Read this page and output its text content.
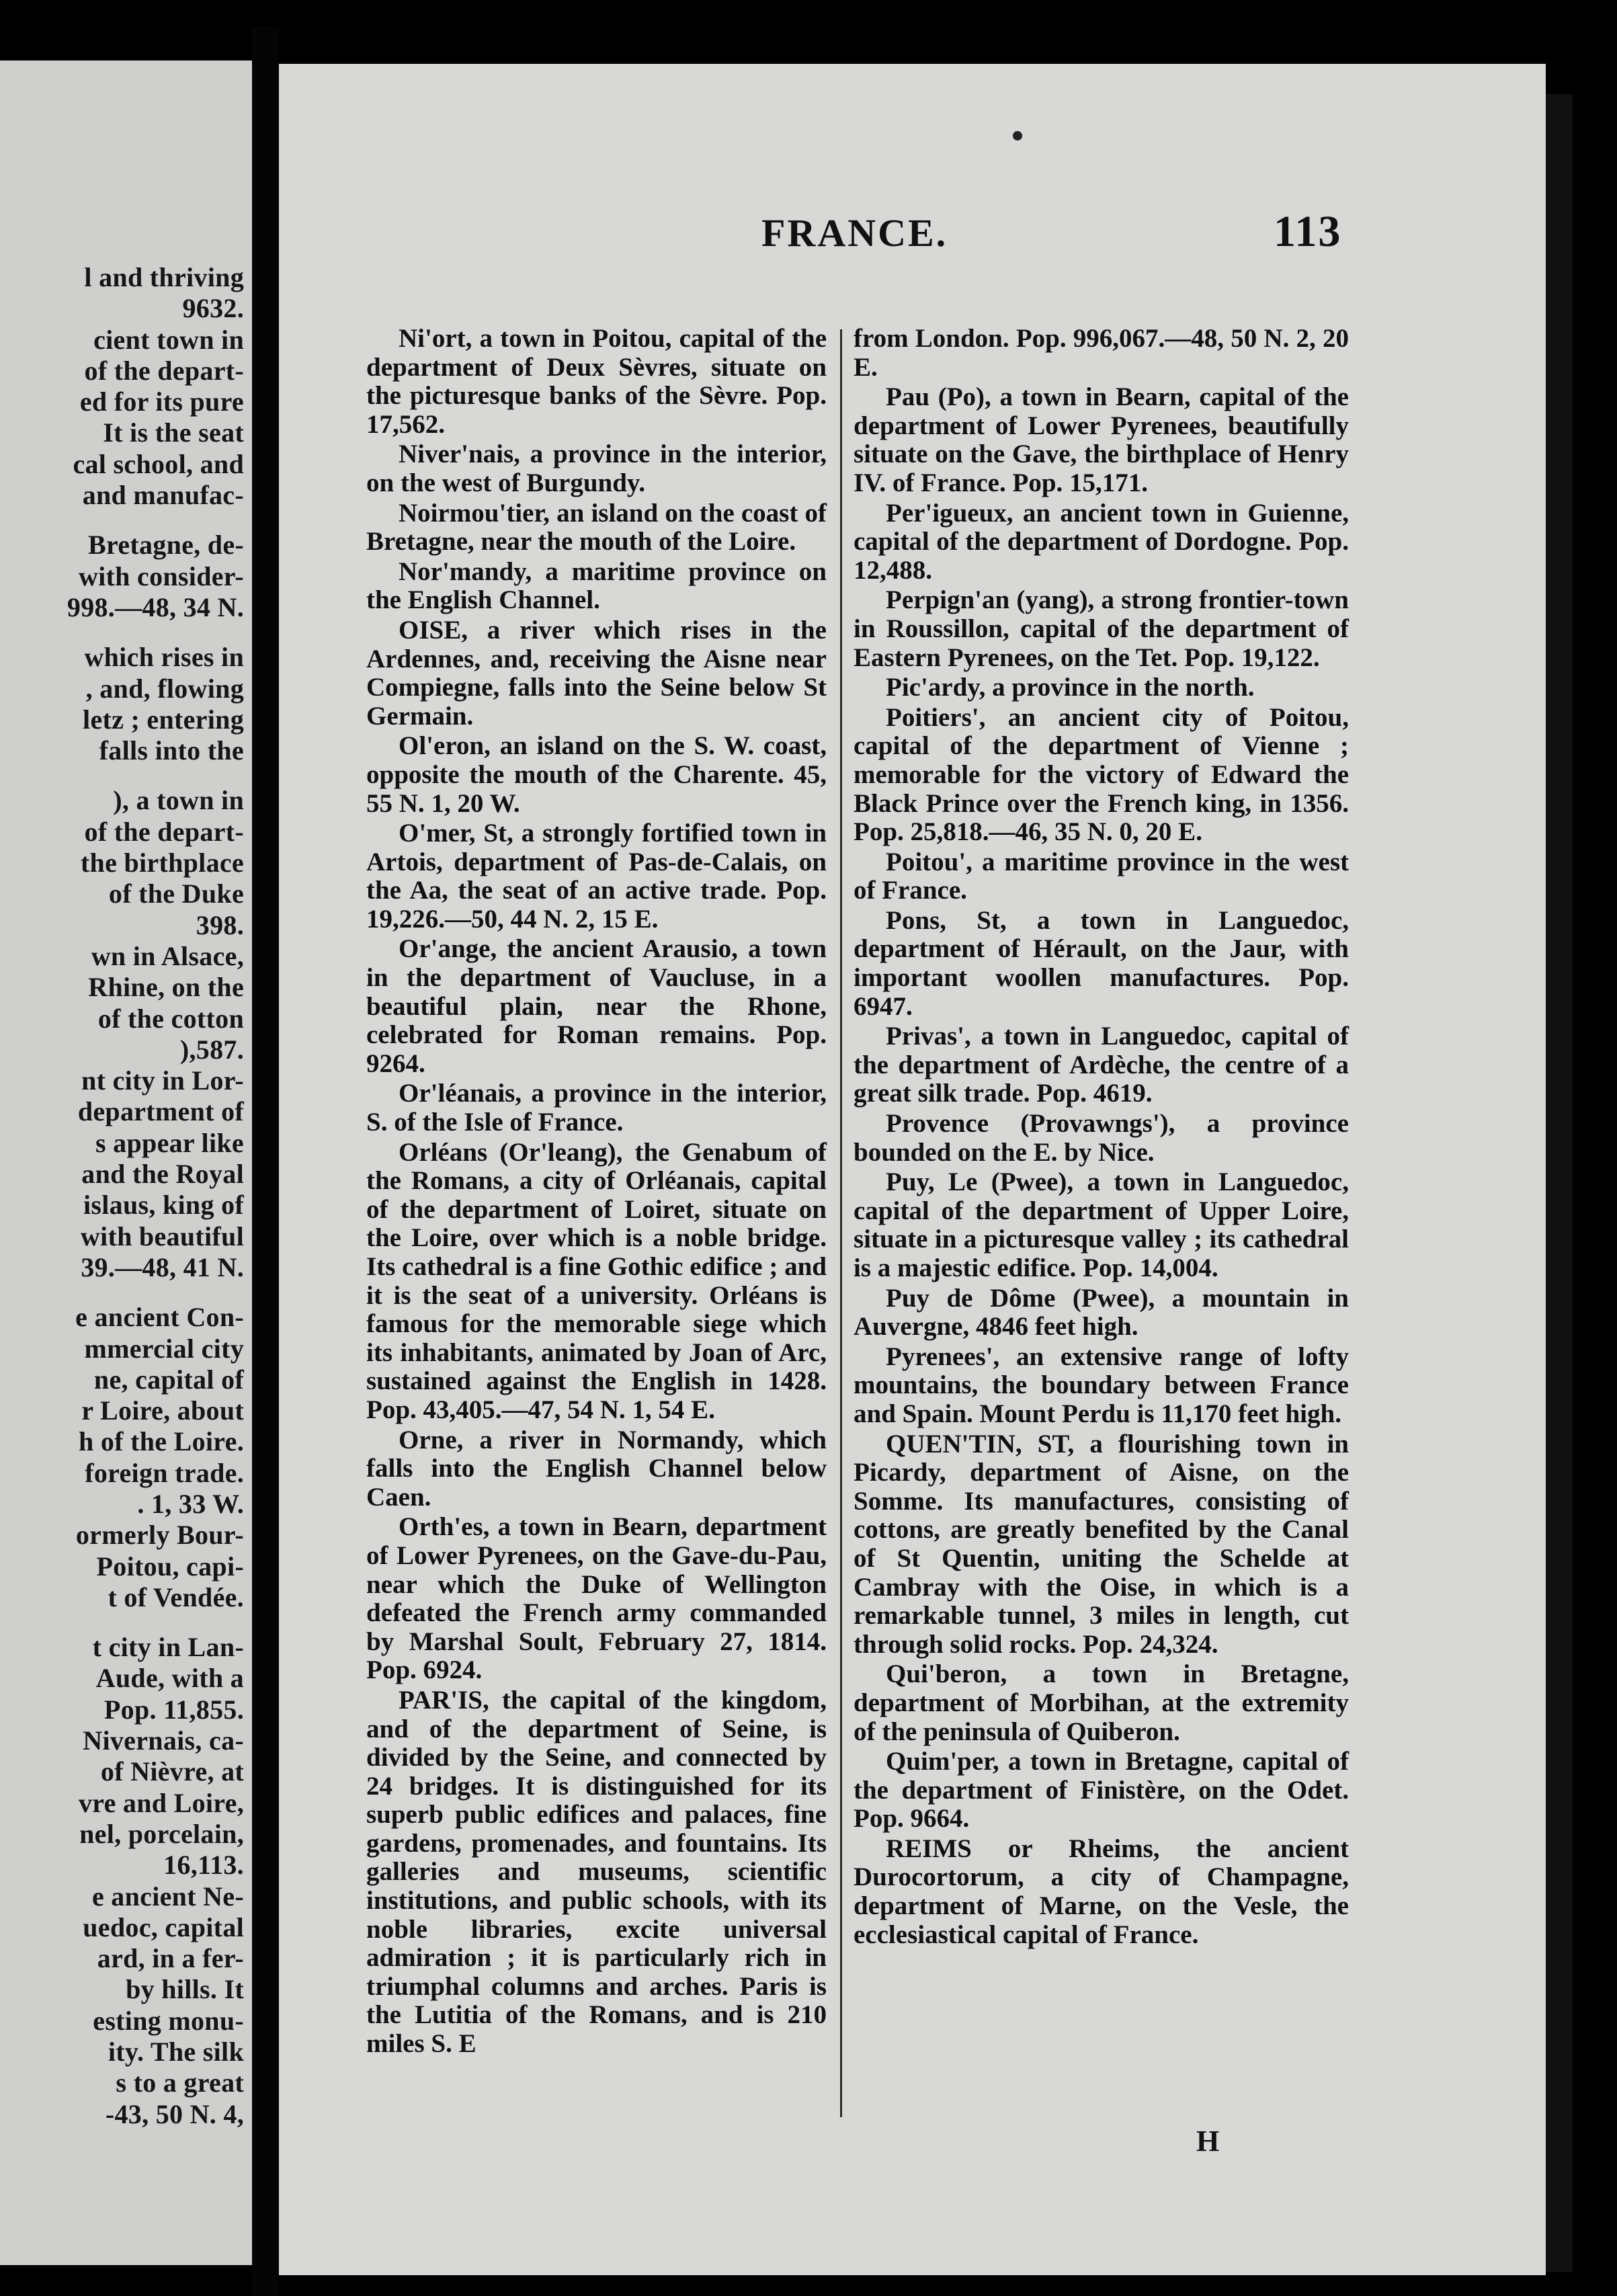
l and thriving
9632.
cient town in
of the depart-
ed for its pure
It is the seat
cal school, and
and manufac-
Bretagne, de-
with consider-
998.—48, 34 N.
which rises in
, and, flowing
letz ; entering
falls into the
), a town in
of the depart-
the birthplace
of the Duke
398.
wn in Alsace,
Rhine, on the
of the cotton
),587.
nt city in Lor-
department of
s appear like
and the Royal
islaus, king of
with beautiful
39.—48, 41 N.
e ancient Con-
mmercial city
ne, capital of
r Loire, about
h of the Loire.
foreign trade.
. 1, 33 W.
ormerly Bour-
Poitou, capi-
t of Vendée.
t city in Lan-
Aude, with a
Pop. 11,855.
Nivernais, ca-
of Nièvre, at
vre and Loire,
nel, porcelain,
16,113.
e ancient Ne-
uedoc, capital
ard, in a fer-
by hills. It
esting monu-
ity. The silk
s to a great
-43, 50 N. 4,
FRANCE.	113

Ni'ort, a town in Poitou, capital of the department of Deux Sèvres, situate on the picturesque banks of the Sèvre. Pop. 17,562.

Niver'nais, a province in the interior, on the west of Burgundy.

Noirmou'tier, an island on the coast of Bretagne, near the mouth of the Loire.

Nor'mandy, a maritime province on the English Channel.

OISE, a river which rises in the Ardennes, and, receiving the Aisne near Compiegne, falls into the Seine below St Germain.

Ol'eron, an island on the S. W. coast, opposite the mouth of the Charente. 45, 55 N. 1, 20 W.

O'mer, St, a strongly fortified town in Artois, department of Pas-de-Calais, on the Aa, the seat of an active trade. Pop. 19,226.—50, 44 N. 2, 15 E.

Or'ange, the ancient Arausio, a town in the department of Vaucluse, in a beautiful plain, near the Rhone, celebrated for Roman remains. Pop. 9264.

Or'léanais, a province in the interior, S. of the Isle of France.

Orléans (Or'leang), the Genabum of the Romans, a city of Orléanais, capital of the department of Loiret, situate on the Loire, over which is a noble bridge. Its cathedral is a fine Gothic edifice ; and it is the seat of a university. Orléans is famous for the memorable siege which its inhabitants, animated by Joan of Arc, sustained against the English in 1428. Pop. 43,405.—47, 54 N. 1, 54 E.

Orne, a river in Normandy, which falls into the English Channel below Caen.

Orth'es, a town in Bearn, department of Lower Pyrenees, on the Gave-du-Pau, near which the Duke of Wellington defeated the French army commanded by Marshal Soult, February 27, 1814. Pop. 6924.

PAR'IS, the capital of the kingdom, and of the department of Seine, is divided by the Seine, and connected by 24 bridges. It is distinguished for its superb public edifices and palaces, fine gardens, promenades, and fountains. Its galleries and museums, scientific institutions, and public schools, with its noble libraries, excite universal admiration ; it is particularly rich in triumphal columns and arches. Paris is the Lutitia of the Romans, and is 210 miles S. E

from London. Pop. 996,067.—48, 50 N. 2, 20 E.

Pau (Po), a town in Bearn, capital of the department of Lower Pyrenees, beautifully situate on the Gave, the birthplace of Henry IV. of France. Pop. 15,171.

Per'igueux, an ancient town in Guienne, capital of the department of Dordogne. Pop. 12,488.

Perpign'an (yang), a strong frontier-town in Roussillon, capital of the department of Eastern Pyrenees, on the Tet. Pop. 19,122.

Pic'ardy, a province in the north.

Poitiers', an ancient city of Poitou, capital of the department of Vienne ; memorable for the victory of Edward the Black Prince over the French king, in 1356. Pop. 25,818.—46, 35 N. 0, 20 E.

Poitou', a maritime province in the west of France.

Pons, St, a town in Languedoc, department of Hérault, on the Jaur, with important woollen manufactures. Pop. 6947.

Privas', a town in Languedoc, capital of the department of Ardèche, the centre of a great silk trade. Pop. 4619.

Provence (Provawngs'), a province bounded on the E. by Nice.

Puy, Le (Pwee), a town in Languedoc, capital of the department of Upper Loire, situate in a picturesque valley ; its cathedral is a majestic edifice. Pop. 14,004.

Puy de Dôme (Pwee), a mountain in Auvergne, 4846 feet high.

Pyrenees', an extensive range of lofty mountains, the boundary between France and Spain. Mount Perdu is 11,170 feet high.

QUEN'TIN, ST, a flourishing town in Picardy, department of Aisne, on the Somme. Its manufactures, consisting of cottons, are greatly benefited by the Canal of St Quentin, uniting the Schelde at Cambray with the Oise, in which is a remarkable tunnel, 3 miles in length, cut through solid rocks. Pop. 24,324.

Qui'beron, a town in Bretagne, department of Morbihan, at the extremity of the peninsula of Quiberon.

Quim'per, a town in Bretagne, capital of the department of Finistère, on the Odet. Pop. 9664.

REIMS or Rheims, the ancient Durocortorum, a city of Champagne, department of Marne, on the Vesle, the ecclesiastical capital of France.

H
